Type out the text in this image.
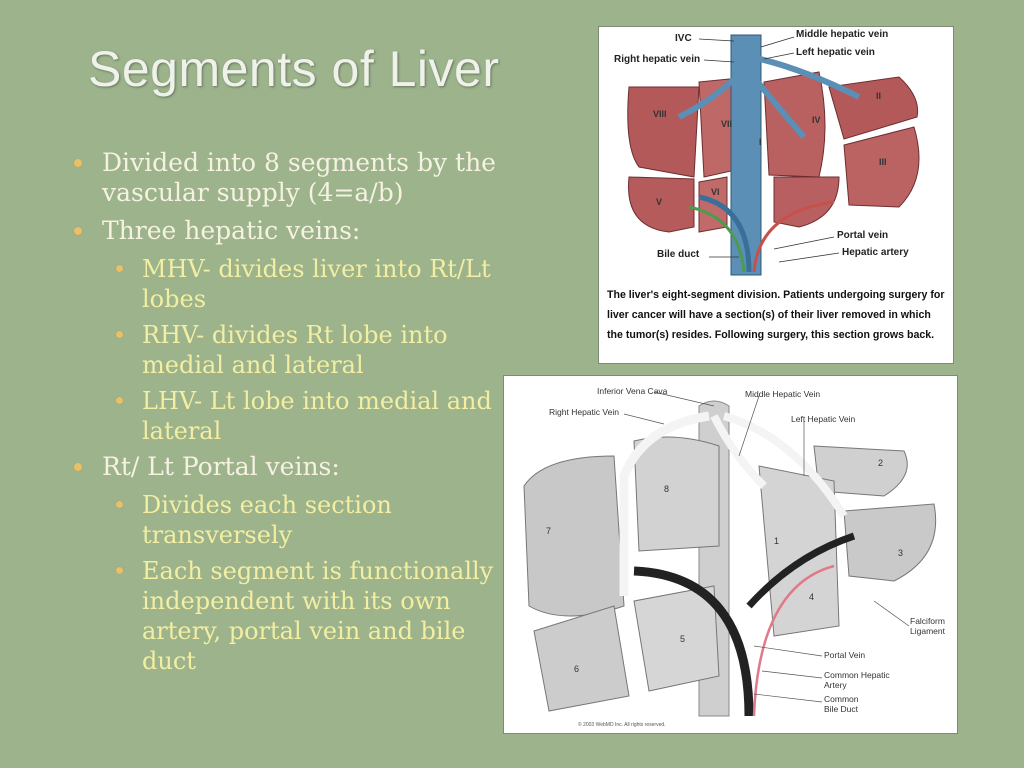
Segments of Liver
Divided into 8 segments by the vascular supply (4=a/b)
Three hepatic veins:
MHV- divides liver into Rt/Lt lobes
RHV- divides Rt lobe into medial and lateral
LHV- Lt lobe into medial and lateral
Rt/ Lt Portal veins:
Divides each section transversely
Each segment is functionally independent with its own artery, portal vein and bile duct
IVC	Middle hepatic vein
Right hepatic vein
Left hepatic vein
Portal vein
Hepatic artery
Bile duct
II
III
IV
V
VI
VII
VIII
I
The liver's eight-segment division. Patients undergoing surgery for liver cancer will have a section(s) of their liver removed in which the tumor(s) resides. Following surgery, this section grows back.
Inferior Vena Cava	Middle Hepatic Vein
Right Hepatic Vein
Left Hepatic Vein
Falciform Ligament
Portal Vein
Common Hepatic Artery
Common Bile Duct
1
2
3
4
5
6
7
8
© 2003 WebMD Inc. All rights reserved.
